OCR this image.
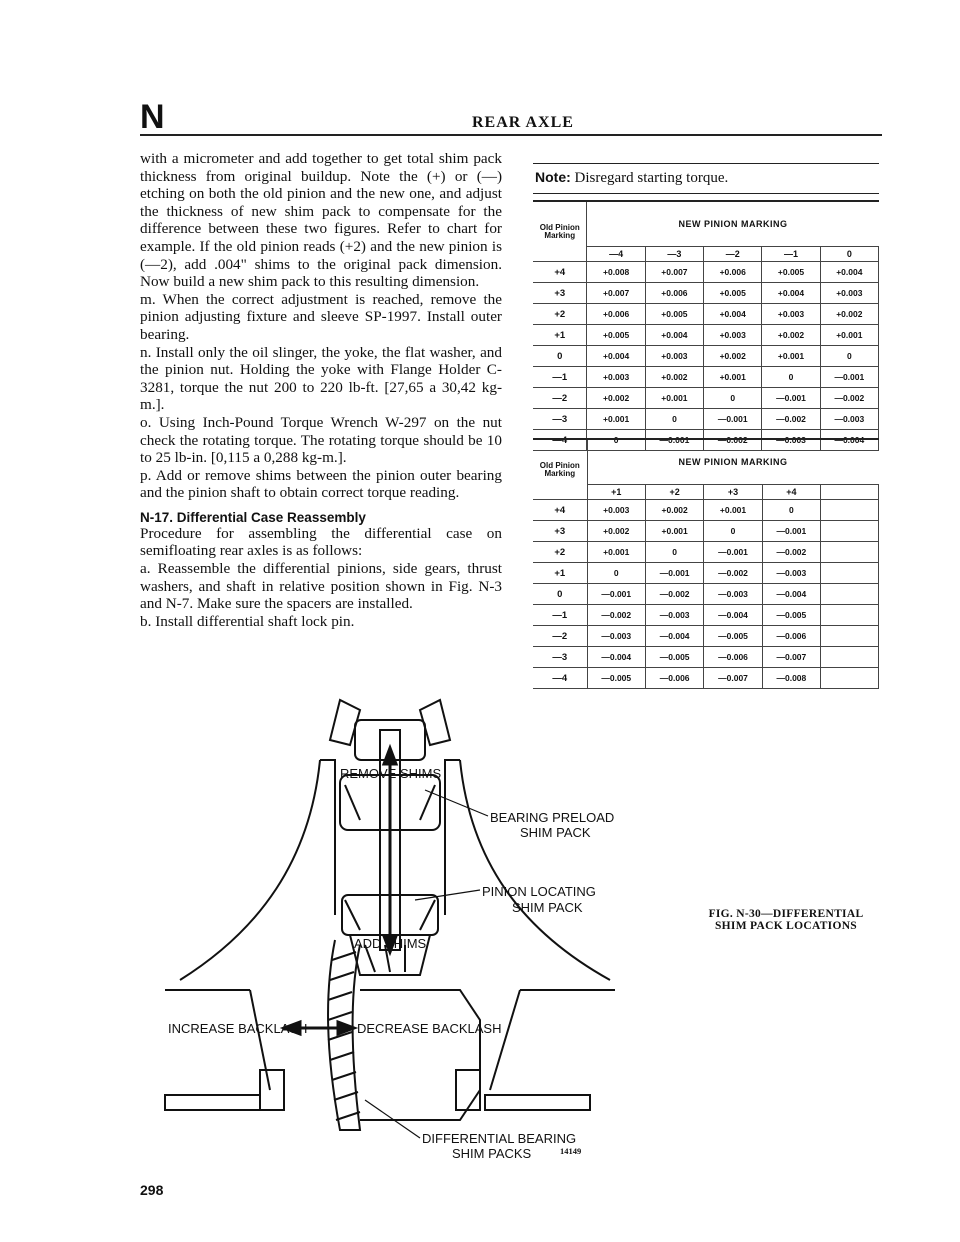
N	REAR AXLE

with a micrometer and add together to get total shim pack thickness from original buildup. Note the (+) or (—) etching on both the old pinion and the new one, and adjust the thickness of new shim pack to compensate for the difference between these two figures. Refer to chart for example. If the old pinion reads (+2) and the new pinion is (—2), add .004" shims to the original pack dimension. Now build a new shim pack to this resulting dimension.

m. When the correct adjustment is reached, remove the pinion adjusting fixture and sleeve SP-1997. Install outer bearing.

n. Install only the oil slinger, the yoke, the flat washer, and the pinion nut. Holding the yoke with Flange Holder C-3281, torque the nut 200 to 220 lb-ft. [27,65 a 30,42 kg-m.].

o. Using Inch-Pound Torque Wrench W-297 on the nut check the rotating torque. The rotating torque should be 10 to 25 lb-in. [0,115 a 0,288 kg-m.].

p. Add or remove shims between the pinion outer bearing and the pinion shaft to obtain correct torque reading.

N-17. Differential Case Reassembly

Procedure for assembling the differential case on semifloating rear axles is as follows:

a. Reassemble the differential pinions, side gears, thrust washers, and shaft in relative position shown in Fig. N-3 and N-7. Make sure the spacers are installed.

b. Install differential shaft lock pin.

Note: Disregard starting torque.
Old Pinion Marking	NEW PINION MARKING				
	—4	—3	—2	—1	0
+4	+0.008	+0.007	+0.006	+0.005	+0.004
+3	+0.007	+0.006	+0.005	+0.004	+0.003
+2	+0.006	+0.005	+0.004	+0.003	+0.002
+1	+0.005	+0.004	+0.003	+0.002	+0.001
0	+0.004	+0.003	+0.002	+0.001	0
—1	+0.003	+0.002	+0.001	0	—0.001
—2	+0.002	+0.001	0	—0.001	—0.002
—3	+0.001	0	—0.001	—0.002	—0.003
—4	0	—0.001	—0.002	—0.003	—0.004
Old Pinion Marking	NEW PINION MARKING				
	+1	+2	+3	+4	
+4	+0.003	+0.002	+0.001	0	
+3	+0.002	+0.001	0	—0.001	
+2	+0.001	0	—0.001	—0.002	
+1	0	—0.001	—0.002	—0.003	
0	—0.001	—0.002	—0.003	—0.004	
—1	—0.002	—0.003	—0.004	—0.005	
—2	—0.003	—0.004	—0.005	—0.006	
—3	—0.004	—0.005	—0.006	—0.007	
—4	—0.005	—0.006	—0.007	—0.008	
REMOVE SHIMS
BEARING PRELOAD
SHIM PACK
PINION LOCATING
SHIM PACK
ADD SHIMS
INCREASE BACKLASH	DECREASE BACKLASH
DIFFERENTIAL BEARING
SHIM PACKS
FIG. N-30—DIFFERENTIAL
SHIM PACK LOCATIONS
14149
298
